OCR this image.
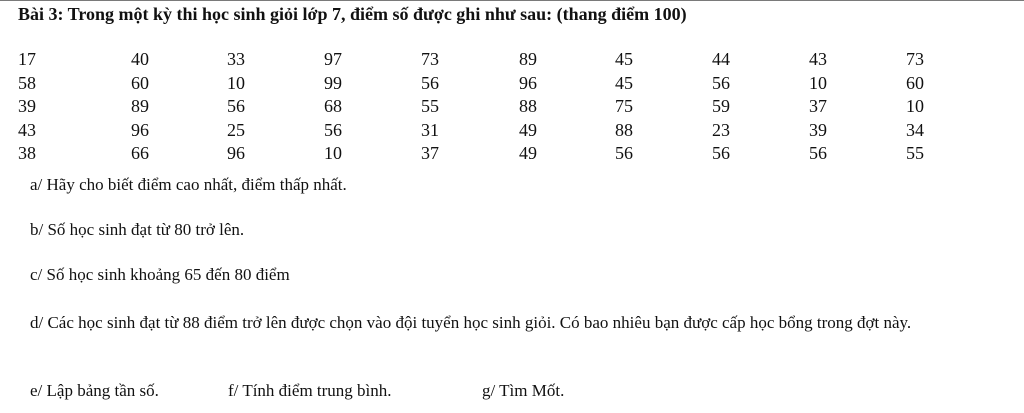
Bài 3: Trong một kỳ thi học sinh giỏi lớp 7, điểm số được ghi như sau: (thang điểm 100)
17	40	33	97	73	89	45	44	43	73
58	60	10	99	56	96	45	56	10	60
39	89	56	68	55	88	75	59	37	10
43	96	25	56	31	49	88	23	39	34
38	66	96	10	37	49	56	56	56	55
a/ Hãy cho biết điểm cao nhất, điểm thấp nhất.
b/ Số học sinh đạt từ 80 trở lên.
c/ Số học sinh khoảng 65 đến 80 điểm
d/ Các học sinh đạt từ 88 điểm trở lên được chọn vào đội tuyển học sinh giỏi. Có bao nhiêu bạn được cấp học bổng trong đợt này.
e/ Lập bảng tần số.	f/ Tính điểm trung bình.	g/ Tìm Mốt.
